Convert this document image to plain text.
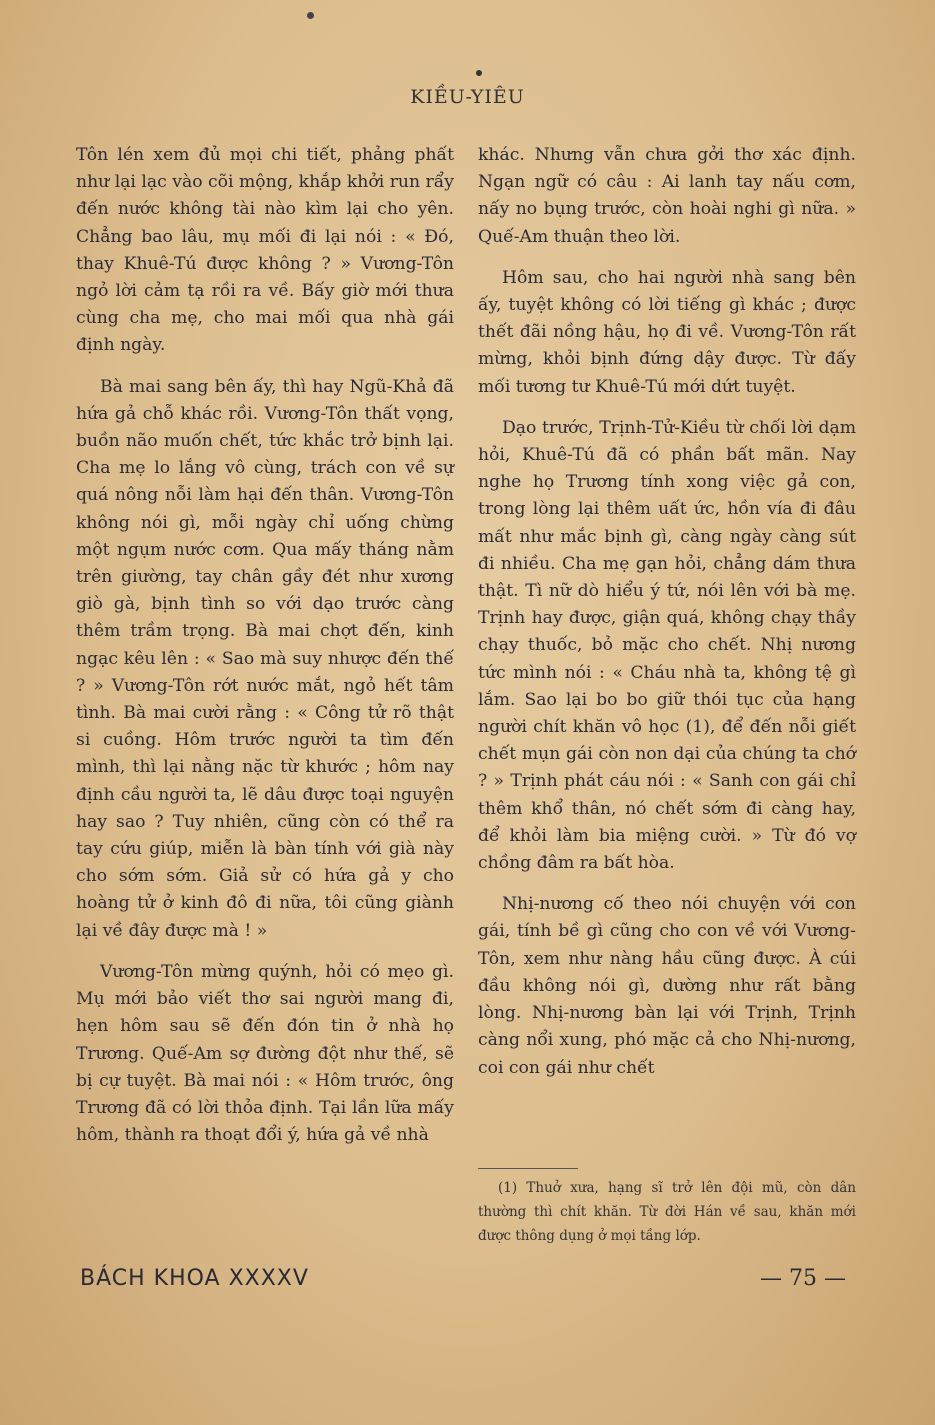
KIỀU-YIÊU

Tôn lén xem đủ mọi chi tiết, phảng phất như lại lạc vào cõi mộng, khắp khởi run rẩy đến nước không tài nào kìm lại cho yên. Chẳng bao lâu, mụ mối đi lại nói : « Đó, thay Khuê-Tú được không ? » Vương-Tôn ngỏ lời cảm tạ rồi ra về. Bấy giờ mới thưa cùng cha mẹ, cho mai mối qua nhà gái định ngày.

Bà mai sang bên ấy, thì hay Ngũ-Khả đã hứa gả chỗ khác rồi. Vương-Tôn thất vọng, buồn não muốn chết, tức khắc trở bịnh lại. Cha mẹ lo lắng vô cùng, trách con về sự quá nông nỗi làm hại đến thân. Vương-Tôn không nói gì, mỗi ngày chỉ uống chừng một ngụm nước cơm. Qua mấy tháng nằm trên giường, tay chân gầy đét như xương giò gà, bịnh tình so với dạo trước càng thêm trầm trọng. Bà mai chợt đến, kinh ngạc kêu lên : « Sao mà suy nhược đến thế ? » Vương-Tôn rớt nước mắt, ngỏ hết tâm tình. Bà mai cười rằng : « Công tử rõ thật si cuồng. Hôm trước người ta tìm đến mình, thì lại nằng nặc từ khước ; hôm nay định cầu người ta, lẽ dâu được toại nguyện hay sao ? Tuy nhiên, cũng còn có thể ra tay cứu giúp, miễn là bàn tính với già này cho sớm sớm. Giả sử có hứa gả y cho hoàng tử ở kinh đô đi nữa, tôi cũng giành lại về đây được mà ! »

Vương-Tôn mừng quýnh, hỏi có mẹo gì. Mụ mới bảo viết thơ sai người mang đi, hẹn hôm sau sẽ đến đón tin ở nhà họ Trương. Quế-Am sợ đường đột như thế, sẽ bị cự tuyệt. Bà mai nói : « Hôm trước, ông Trương đã có lời thỏa định. Tại lần lữa mấy hôm, thành ra thoạt đổi ý, hứa gả về nhà

khác. Nhưng vẫn chưa gởi thơ xác định. Ngạn ngữ có câu : Ai lanh tay nấu cơm, nấy no bụng trước, còn hoài nghi gì nữa. » Quế-Am thuận theo lời.

Hôm sau, cho hai người nhà sang bên ấy, tuyệt không có lời tiếng gì khác ; được thết đãi nồng hậu, họ đi về. Vương-Tôn rất mừng, khỏi bịnh đứng dậy được. Từ đấy mối tương tư Khuê-Tú mới dứt tuyệt.

Dạo trước, Trịnh-Tử-Kiều từ chối lời dạm hỏi, Khuê-Tú đã có phần bất mãn. Nay nghe họ Trương tính xong việc gả con, trong lòng lại thêm uất ức, hồn vía đi đâu mất như mắc bịnh gì, càng ngày càng sút đi nhiều. Cha mẹ gạn hỏi, chẳng dám thưa thật. Tì nữ dò hiểu ý tứ, nói lên với bà mẹ. Trịnh hay được, giận quá, không chạy thầy chạy thuốc, bỏ mặc cho chết. Nhị nương tức mình nói : « Cháu nhà ta, không tệ gì lắm. Sao lại bo bo giữ thói tục của hạng người chít khăn vô học (1), để đến nỗi giết chết mụn gái còn non dại của chúng ta chớ ? » Trịnh phát cáu nói : « Sanh con gái chỉ thêm khổ thân, nó chết sớm đi càng hay, để khỏi làm bia miệng cười. » Từ đó vợ chồng đâm ra bất hòa.

Nhị-nương cố theo nói chuyện với con gái, tính bề gì cũng cho con về với Vương-Tôn, xem như nàng hầu cũng được. À cúi đầu không nói gì, dường như rất bằng lòng. Nhị-nương bàn lại với Trịnh, Trịnh càng nổi xung, phó mặc cả cho Nhị-nương, coi con gái như chết

(1) Thuở xưa, hạng sĩ trở lên đội mũ, còn dân thường thì chít khăn. Từ đời Hán về sau, khăn mới được thông dụng ở mọi tầng lớp.
BÁCH KHOA XXXXV	— 75 —
